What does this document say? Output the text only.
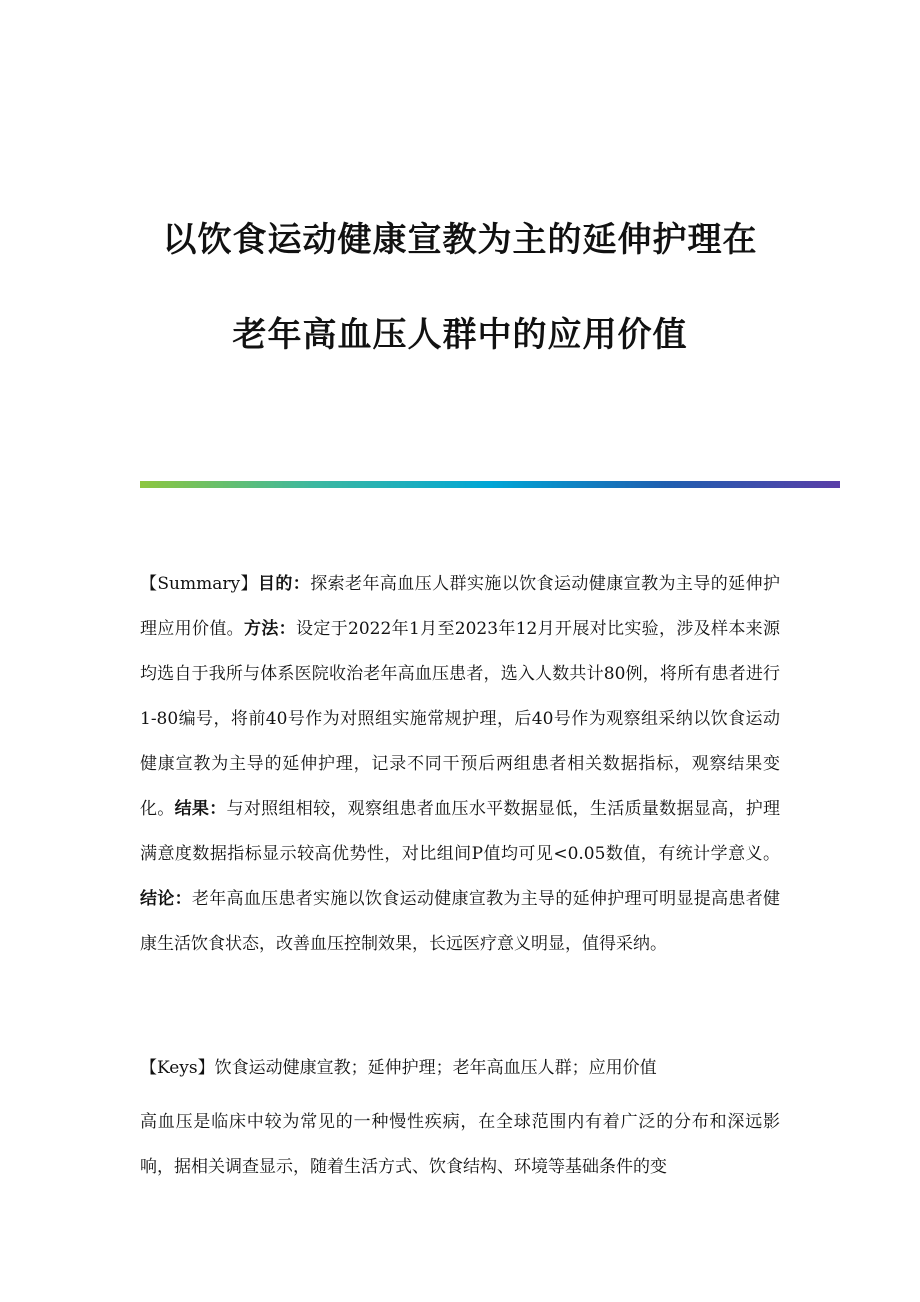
以饮食运动健康宣教为主的延伸护理在
老年高血压人群中的应用价值

【Summary】目的：探索老年高血压人群实施以饮食运动健康宣教为主导的延伸护理应用价值。方法：设定于2022年1月至2023年12月开展对比实验，涉及样本来源均选自于我所与体系医院收治老年高血压患者，选入人数共计80例，将所有患者进行1-80编号，将前40号作为对照组实施常规护理，后40号作为观察组采纳以饮食运动健康宣教为主导的延伸护理，记录不同干预后两组患者相关数据指标，观察结果变化。结果：与对照组相较，观察组患者血压水平数据显低，生活质量数据显高，护理满意度数据指标显示较高优势性，对比组间P值均可见<0.05数值，有统计学意义。结论：老年高血压患者实施以饮食运动健康宣教为主导的延伸护理可明显提高患者健康生活饮食状态，改善血压控制效果，长远医疗意义明显，值得采纳。

【Keys】饮食运动健康宣教；延伸护理；老年高血压人群；应用价值

高血压是临床中较为常见的一种慢性疾病，在全球范围内有着广泛的分布和深远影响，据相关调查显示，随着生活方式、饮食结构、环境等基础条件的变
